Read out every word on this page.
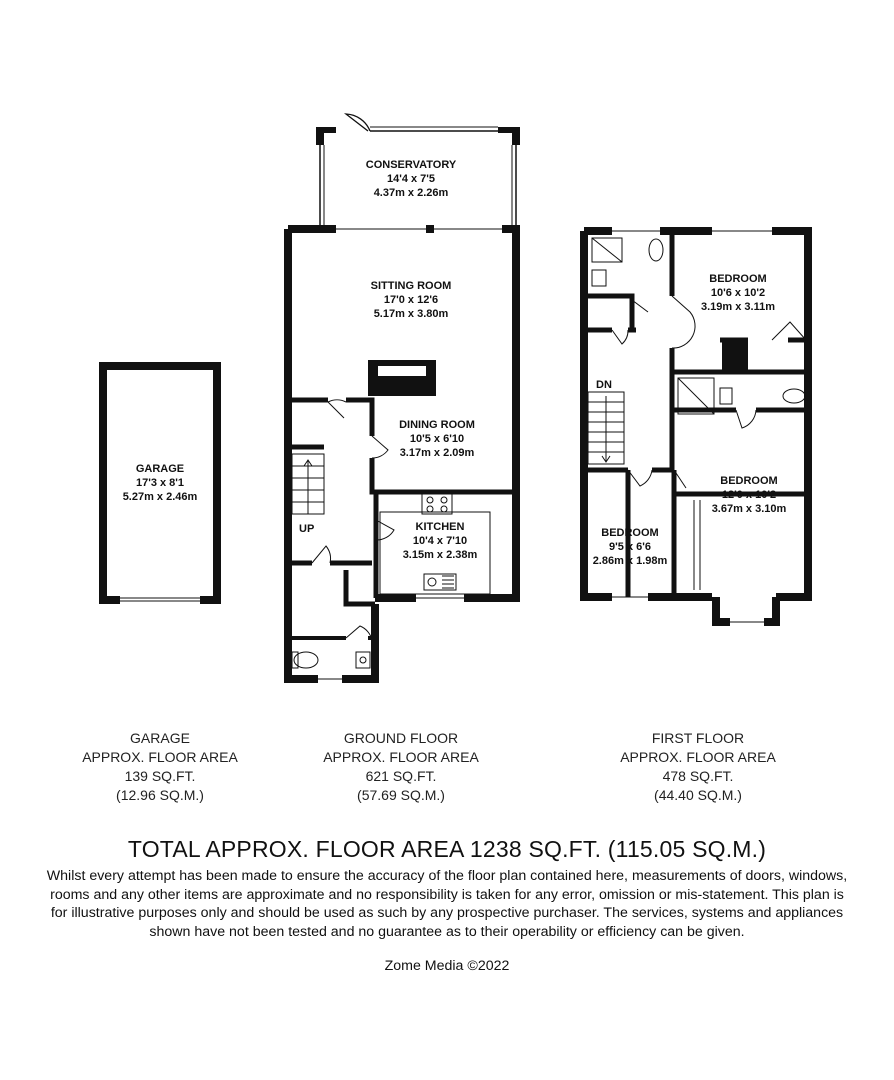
GARAGE
17'3 x 8'1
5.27m x 2.46m
CONSERVATORY
14'4 x 7'5
4.37m x 2.26m
SITTING ROOM
17'0 x 12'6
5.17m x 3.80m
DINING ROOM
10'5 x 6'10
3.17m x 2.09m
KITCHEN
10'4 x 7'10
3.15m x 2.38m
UP
BEDROOM
10'6 x 10'2
3.19m x 3.11m
BEDROOM
12'0 x 10'2
3.67m x 3.10m
BEDROOM
9'5 x 6'6
2.86m x 1.98m
DN
GARAGE
APPROX. FLOOR AREA
139 SQ.FT.
(12.96 SQ.M.)
GROUND FLOOR
APPROX. FLOOR AREA
621 SQ.FT.
(57.69 SQ.M.)
FIRST FLOOR
APPROX. FLOOR AREA
478 SQ.FT.
(44.40 SQ.M.)
TOTAL APPROX. FLOOR AREA 1238 SQ.FT. (115.05 SQ.M.)
Whilst every attempt has been made to ensure the accuracy of the floor plan contained here, measurements of doors, windows, rooms and any other items are approximate and no responsibility is taken for any error, omission or mis-statement. This plan is for illustrative purposes only and should be used as such by any prospective purchaser. The services, systems and appliances shown have not been tested and no guarantee as to their operability or efficiency can be given.
Zome Media ©2022
